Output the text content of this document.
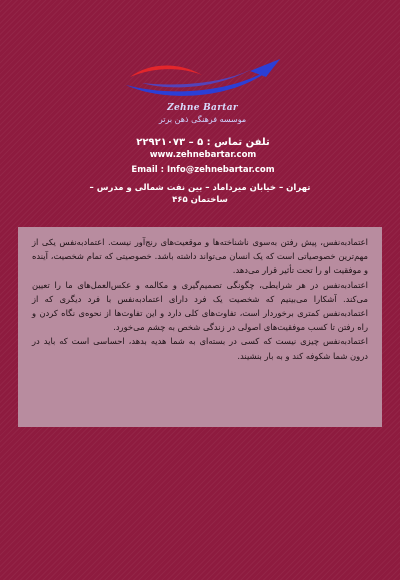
Zehne Bartar
موسسه فرهنگی ذهن برتر
تلفن تماس : ۵ – ۲۲۹۲۱۰۷۳
www.zehnebartar.com
Email : Info@zehnebartar.com
تهران – خیابان میرداماد – بین نفت شمالی و مدرس – ساختمان ۴۶۵

اعتمادبه‌نفس، پیش رفتن به‌سوی ناشناخته‌ها و موقعیت‌های رنج‌آور نیست. اعتمادبه‌نفس یکی از مهم‌ترین خصوصیاتی است که یک انسان می‌تواند داشته باشد. خصوصیتی که تمام شخصیت، آینده و موفقیت او را تحت تأثیر قرار می‌دهد.

اعتمادبه‌نفس در هر شرایطی، چگونگی تصمیم‌گیری و مکالمه و عکس‌العمل‌های ما را تعیین می‌کند. آشکارا می‌بینیم که شخصیت یک فرد دارای اعتمادبه‌نفس با فرد دیگری که از اعتمادبه‌نفس کمتری برخوردار است، تفاوت‌های کلی دارد و این تفاوت‌ها از نحوه‌ی نگاه کردن و راه رفتن تا کسب موفقیت‌های اصولی در زندگی شخص به چشم می‌خورد.

اعتمادبه‌نفس چیزی نیست که کسی در بسته‌ای به شما هدیه بدهد، احساسی است که باید در درون شما شکوفه کند و به بار بنشیند.
